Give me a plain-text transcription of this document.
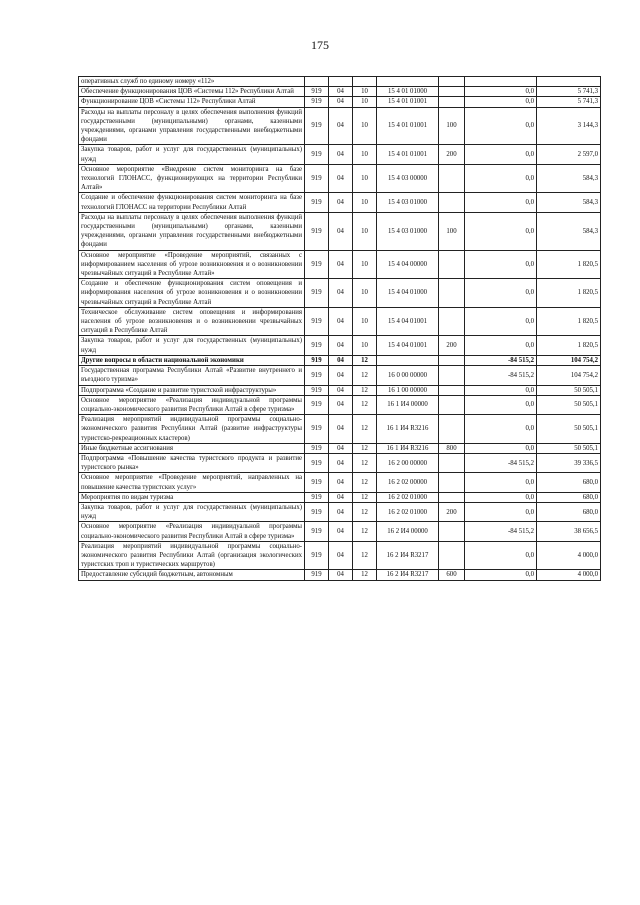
175
оперативных служб по единому номеру «112»							
Обеспечение функционирования ЦОВ «Системы 112» Республики Алтай	919	04	10	15 4 01 01000		0,0	5 741,3
Функционирование ЦОВ «Системы 112» Республики Алтай	919	04	10	15 4 01 01001		0,0	5 741,3
Расходы на выплаты персоналу в целях обеспечения выполнения функций государственными (муниципальными) органами, казенными учреждениями, органами управления государственными внебюджетными фондами	919	04	10	15 4 01 01001	100	0,0	3 144,3
Закупка товаров, работ и услуг для государственных (муниципальных) нужд	919	04	10	15 4 01 01001	200	0,0	2 597,0
Основное мероприятие «Внедрение систем мониторинга на базе технологий ГЛОНАСС, функционирующих на территории Республики Алтай»	919	04	10	15 4 03 00000		0,0	584,3
Создание и обеспечение функционирования систем мониторинга на базе технологий ГЛОНАСС на территории Республики Алтай	919	04	10	15 4 03 01000		0,0	584,3
Расходы на выплаты персоналу в целях обеспечения выполнения функций государственными (муниципальными) органами, казенными учреждениями, органами управления государственными внебюджетными фондами	919	04	10	15 4 03 01000	100	0,0	584,3
Основное мероприятие «Проведение мероприятий, связанных с информированием населения об угрозе возникновения и о возникновении чрезвычайных ситуаций в Республике Алтай»	919	04	10	15 4 04 00000		0,0	1 820,5
Создание и обеспечение функционирования систем оповещения и информирования населения об угрозе возникновения и о возникновении чрезвычайных ситуаций в Республике Алтай	919	04	10	15 4 04 01000		0,0	1 820,5
Техническое обслуживание систем оповещения и информирования населения об угрозе возникновения и о возникновении чрезвычайных ситуаций в Республике Алтай	919	04	10	15 4 04 01001		0,0	1 820,5
Закупка товаров, работ и услуг для государственных (муниципальных) нужд	919	04	10	15 4 04 01001	200	0,0	1 820,5
Другие вопросы в области национальной экономики	919	04	12			-84 515,2	104 754,2
Государственная программа Республики Алтай «Развитие внутреннего и въездного туризма»	919	04	12	16 0 00 00000		-84 515,2	104 754,2
Подпрограмма «Создание и развитие туристской инфраструктуры»	919	04	12	16 1 00 00000		0,0	50 505,1
Основное мероприятие «Реализация индивидуальной программы социально-экономического развития Республики Алтай в сфере туризма»	919	04	12	16 1 И4 00000		0,0	50 505,1
Реализация мероприятий индивидуальной программы социально-экономического развития Республики Алтай (развитие инфраструктуры туристско-рекреационных кластеров)	919	04	12	16 1 И4 R3216		0,0	50 505,1
Иные бюджетные ассигнования	919	04	12	16 1 И4 R3216	800	0,0	50 505,1
Подпрограмма «Повышение качества туристского продукта и развитие туристского рынка»	919	04	12	16 2 00 00000		-84 515,2	39 336,5
Основное мероприятие «Проведение мероприятий, направленных на повышение качества туристских услуг»	919	04	12	16 2 02 00000		0,0	680,0
Мероприятия по видам туризма	919	04	12	16 2 02 01000		0,0	680,0
Закупка товаров, работ и услуг для государственных (муниципальных) нужд	919	04	12	16 2 02 01000	200	0,0	680,0
Основное мероприятие «Реализация индивидуальной программы социально-экономического развития Республики Алтай в сфере туризма»	919	04	12	16 2 И4 00000		-84 515,2	38 656,5
Реализация мероприятий индивидуальной программы социально-экономического развития Республики Алтай (организация экологических туристских троп и туристических маршрутов)	919	04	12	16 2 И4 R3217		0,0	4 000,0
Предоставление субсидий бюджетным, автономным	919	04	12	16 2 И4 R3217	600	0,0	4 000,0
